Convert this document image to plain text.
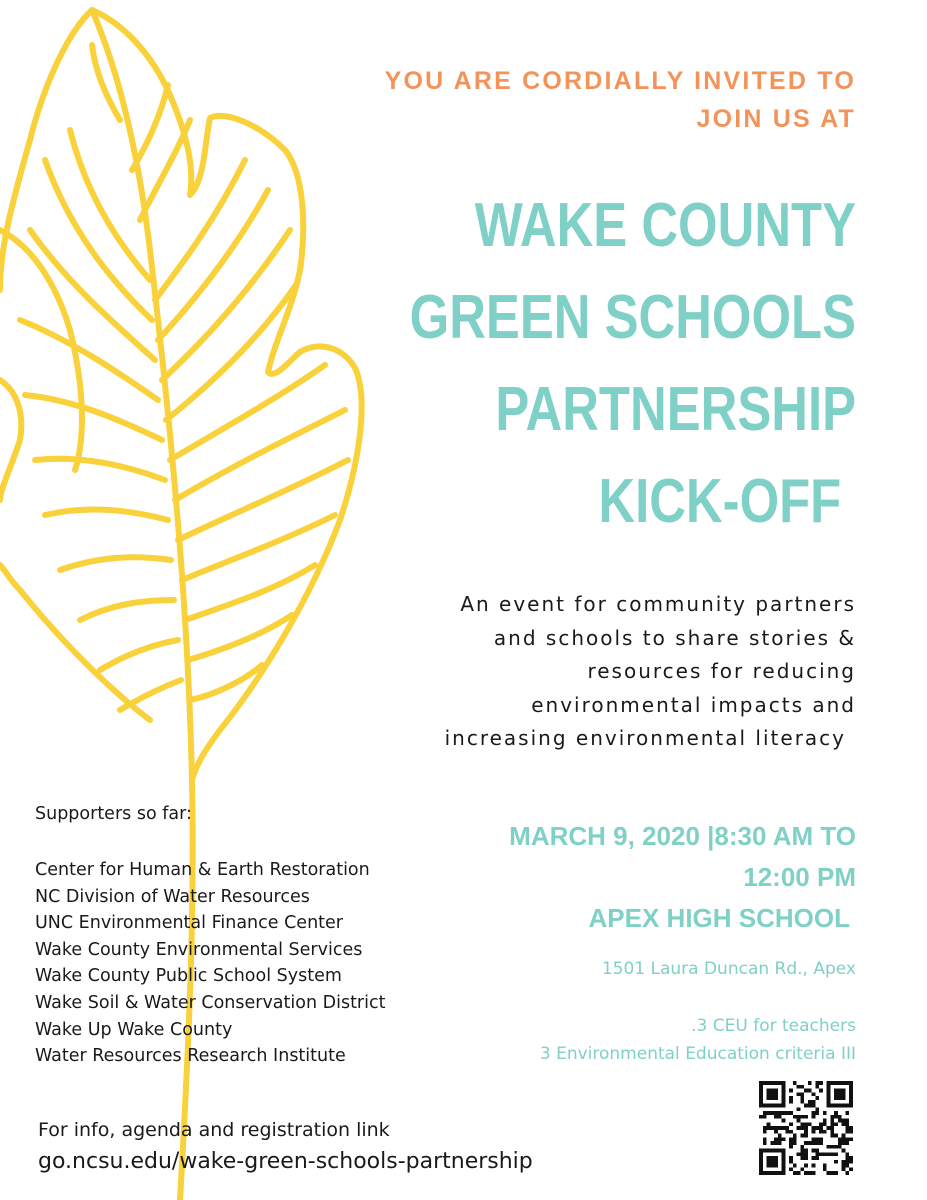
YOU ARE CORDIALLY INVITED TO
JOIN US AT
WAKE COUNTY
GREEN SCHOOLS
PARTNERSHIP
KICK-OFF
An event for community partners
and schools to share stories &
resources for reducing
environmental impacts and
increasing environmental literacy
Supporters so far:
Center for Human & Earth Restoration
NC Division of Water Resources
UNC Environmental Finance Center
Wake County Environmental Services
Wake County Public School System
Wake Soil & Water Conservation District
Wake Up Wake County
Water Resources Research Institute
MARCH 9, 2020 |8:30 AM TO
12:00 PM
APEX HIGH SCHOOL
1501 Laura Duncan Rd., Apex
.3 CEU for teachers
3 Environmental Education criteria III
For info, agenda and registration link
go.ncsu.edu/wake-green-schools-partnership
